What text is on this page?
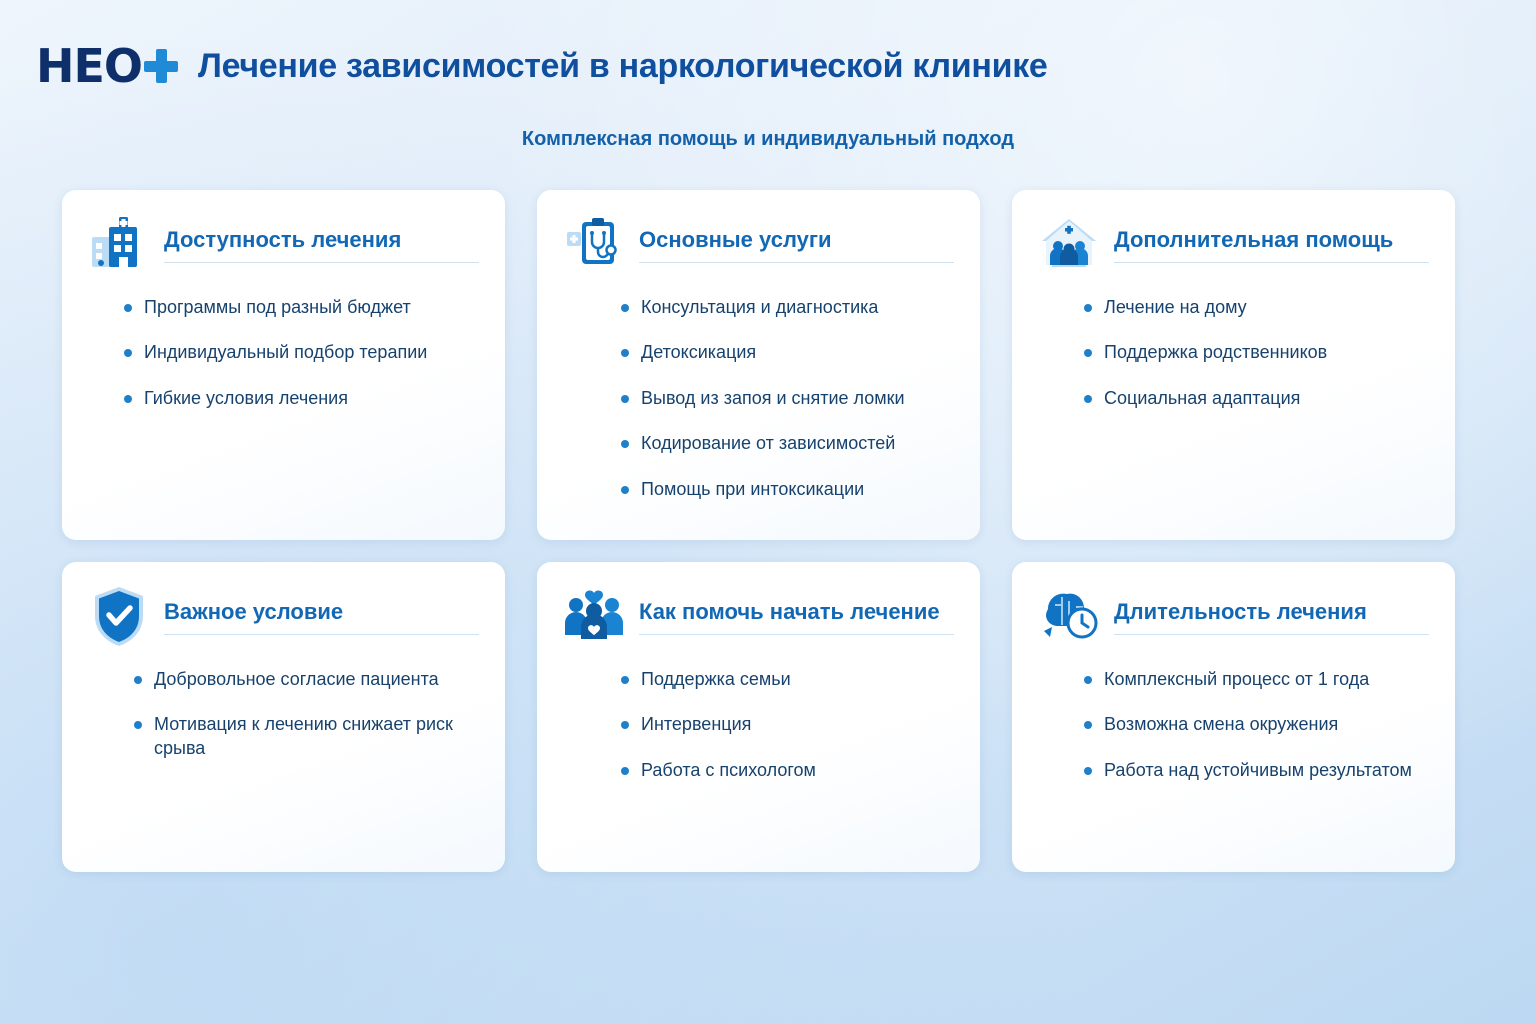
HEO Лечение зависимостей в наркологической клинике
Комплексная помощь и индивидуальный подход
Доступность лечения
Программы под разный бюджет
Индивидуальный подбор терапии
Гибкие условия лечения
Основные услуги
Консультация и диагностика
Детоксикация
Вывод из запоя и снятие ломки
Кодирование от зависимостей
Помощь при интоксикации
Дополнительная помощь
Лечение на дому
Поддержка родственников
Социальная адаптация
Важное условие
Добровольное согласие пациента
Мотивация к лечению снижает риск срыва
Как помочь начать лечение
Поддержка семьи
Интервенция
Работа с психологом
Длительность лечения
Комплексный процесс от 1 года
Возможна смена окружения
Работа над устойчивым результатом
